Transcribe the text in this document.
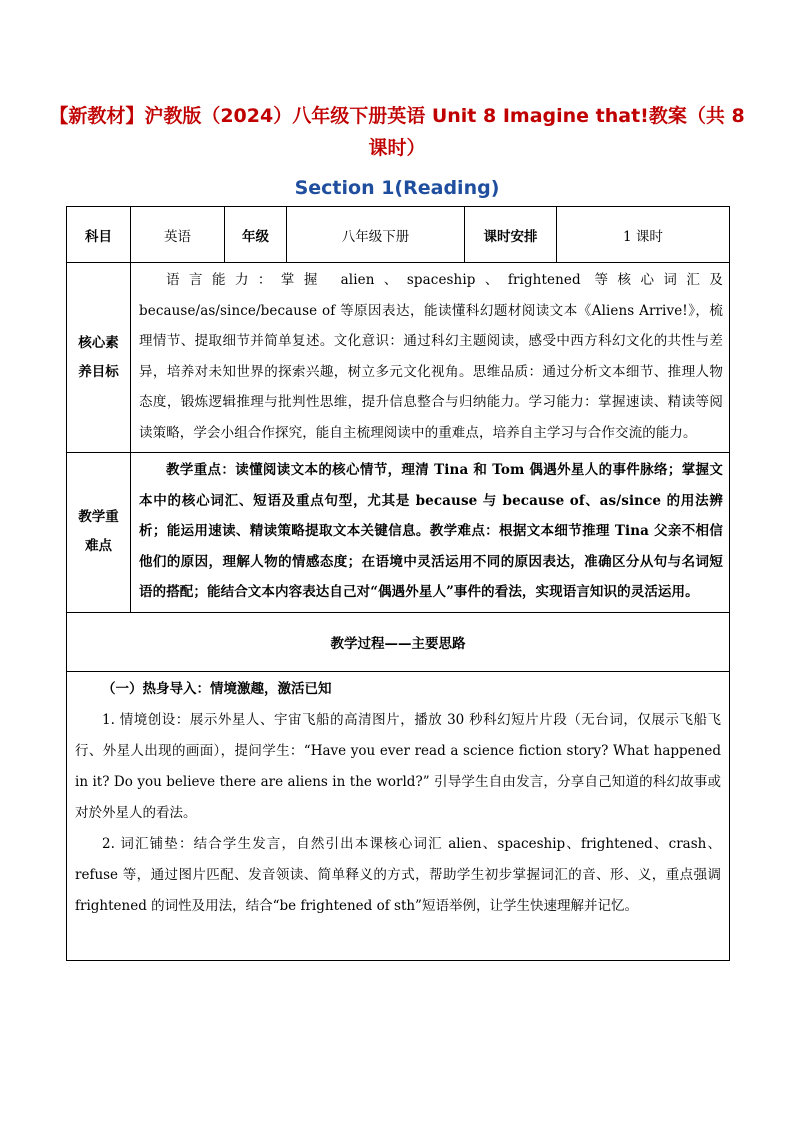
【新教材】沪教版（2024）八年级下册英语 Unit 8 Imagine that!教案（共 8 课时）
Section 1(Reading)
科目	英语	年级	八年级下册	课时安排	1 课时
核心素养目标	语言能力：掌握 alien、spaceship、frightened 等核心词汇及 because/as/since/because of 等原因表达，能读懂科幻题材阅读文本《Aliens Arrive!》，梳理情节、提取细节并简单复述。文化意识：通过科幻主题阅读，感受中西方科幻文化的共性与差异，培养对未知世界的探索兴趣，树立多元文化视角。思维品质：通过分析文本细节、推理人物态度，锻炼逻辑推理与批判性思维，提升信息整合与归纳能力。学习能力：掌握速读、精读等阅读策略，学会小组合作探究，能自主梳理阅读中的重难点，培养自主学习与合作交流的能力。				

教学重难点	教学重点：读懂阅读文本的核心情节，理清 Tina 和 Tom 偶遇外星人的事件脉络；掌握文本中的核心词汇、短语及重点句型，尤其是 because 与 because of、as/since 的用法辨析；能运用速读、精读策略提取文本关键信息。教学难点：根据文本细节推理 Tina 父亲不相信他们的原因，理解人物的情感态度；在语境中灵活运用不同的原因表达，准确区分从句与名词短语的搭配；能结合文本内容表达自己对“偶遇外星人”事件的看法，实现语言知识的灵活运用。				

教学过程——主要思路					

（一）热身导入：情境激趣，激活已知

1. 情境创设：展示外星人、宇宙飞船的高清图片，播放 30 秒科幻短片片段（无台词，仅展示飞船飞行、外星人出现的画面），提问学生：“Have you ever read a science fiction story? What happened in it? Do you believe there are aliens in the world?” 引导学生自由发言，分享自己知道的科幻故事或对於外星人的看法。

2. 词汇铺垫：结合学生发言，自然引出本课核心词汇 alien、spaceship、frightened、crash、refuse 等，通过图片匹配、发音领读、简单释义的方式，帮助学生初步掌握词汇的音、形、义，重点强调 frightened 的词性及用法，结合“be frightened of sth”短语举例，让学生快速理解并记忆。					
